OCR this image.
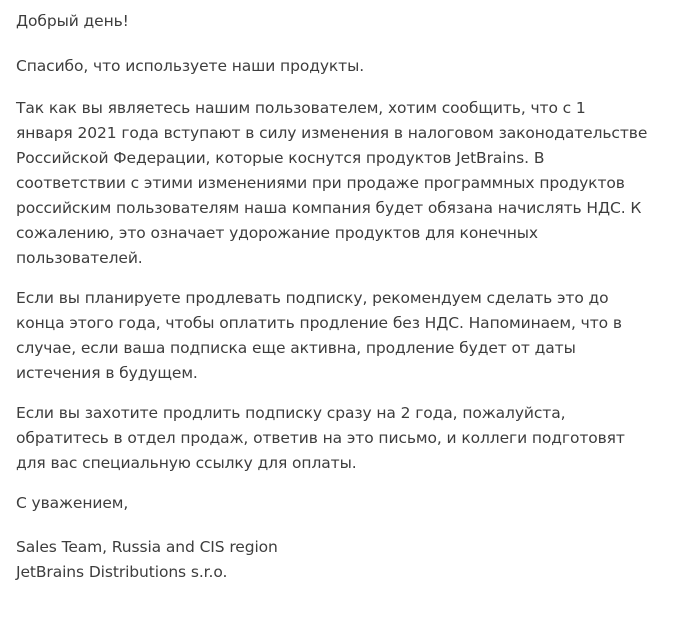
Добрый день!

Спасибо, что используете наши продукты.

Так как вы являетесь нашим пользователем, хотим сообщить, что с 1
января 2021 года вступают в силу изменения в налоговом законодательстве
Российской Федерации, которые коснутся продуктов JetBrains. В
соответствии с этими изменениями при продаже программных продуктов
российским пользователям наша компания будет обязана начислять НДС. К
сожалению, это означает удорожание продуктов для конечных
пользователей.

Если вы планируете продлевать подписку, рекомендуем сделать это до
конца этого года, чтобы оплатить продление без НДС. Напоминаем, что в
случае, если ваша подписка еще активна, продление будет от даты
истечения в будущем.

Если вы захотите продлить подписку сразу на 2 года, пожалуйста,
обратитесь в отдел продаж, ответив на это письмо, и коллеги подготовят
для вас специальную ссылку для оплаты.

С уважением,

Sales Team, Russia and CIS region
JetBrains Distributions s.r.o.
